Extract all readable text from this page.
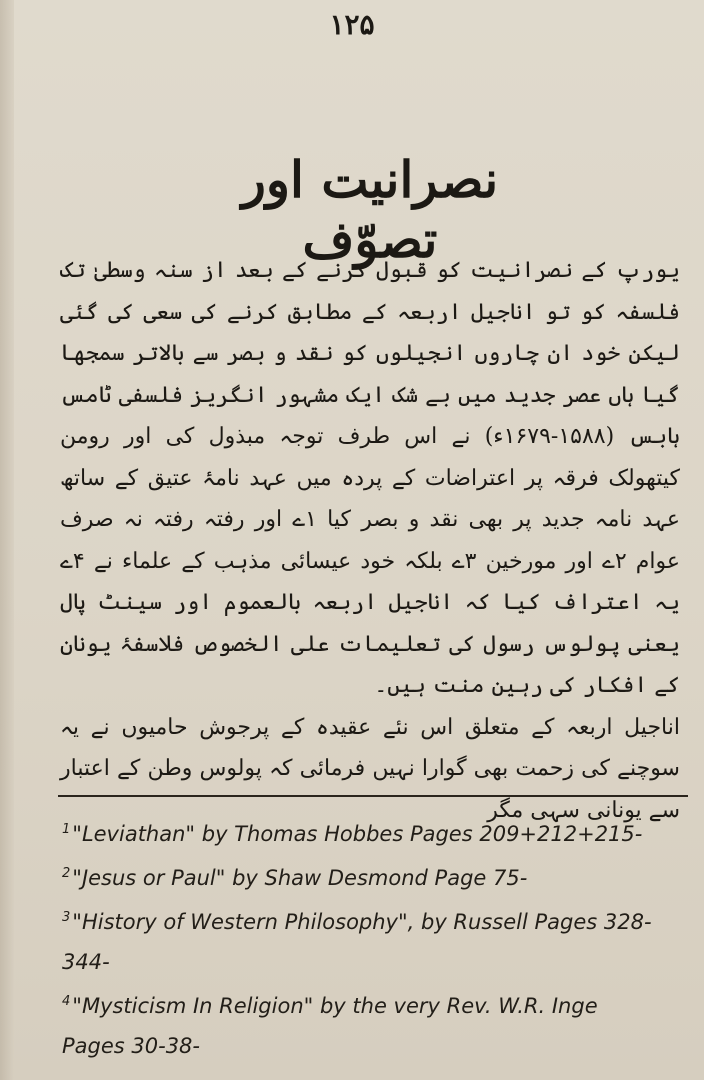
۱۲۵
نصرانیت اور تصوّف

یورپ کے نصرانیت کو قبول کرنے کے بعد از سنہ وسطیٰ تک فلسفہ کو تو اناجیل اربعہ کے مطابق کرنے کی سعی کی گئی لیکن خود ان چاروں انجیلوں کو نقد و بصر سے بالاتر سمجھا گیا ہاں عصر جدید میں بے شک ایک مشہور انگریز فلسفی ٹامس ہابس (۱۵۸۸-۱۶۷۹ء) نے اس طرف توجہ مبذول کی اور رومن کیتھولک فرقہ پر اعتراضات کے پردہ میں عہد نامۂ عتیق کے ساتھ عہد نامہ جدید پر بھی نقد و بصر کیا ۱ے اور رفتہ رفتہ نہ صرف عوام ۲ے اور مورخین ۳ے بلکہ خود عیسائی مذہب کے علماء نے ۴ے یہ اعتراف کیا کہ اناجیل اربعہ بالعموم اور سینٹ پال یعنی پولوس رسول کی تعلیمات علی الخصوص فلاسفۂ یونان کے افکار کی رہین منت ہیں۔

اناجیل اربعہ کے متعلق اس نئے عقیدہ کے پرجوش حامیوں نے یہ سوچنے کی زحمت بھی گوارا نہیں فرمائی کہ پولوس وطن کے اعتبار سے یونانی سہی مگر

$^1$"Leviathan" by Thomas Hobbes Pages 209+212+215-
$^2$"Jesus or Paul" by Shaw Desmond Page 75-
$^3$"History of Western Philosophy", by Russell Pages 328-
344-
$^4$"Mysticism In Religion" by the very Rev. W.R. Inge
Pages 30-38-
